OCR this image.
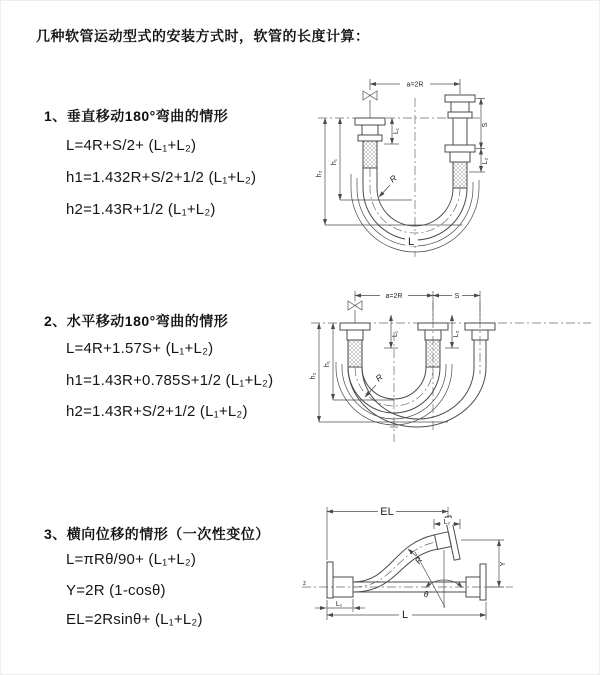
几种软管运动型式的安装方式时，软管的长度计算：
1、垂直移动180°弯曲的情形
L=4R+S/2+ (L₁+L₂)
h1=1.432R+S/2+1/2 (L₁+L₂)
h2=1.43R+1/2 (L₁+L₂)
a=2R
S
L₂
L₁
h₁
h₂	R
L
2、水平移动180°弯曲的情形
L=4R+1.57S+ (L₁+L₂)
h1=1.43R+0.785S+1/2 (L₁+L₂)
h2=1.43R+S/2+1/2 (L₁+L₂)
a=2R	S
L₁	L₂
h₁
h₂	R
3、横向位移的情形（一次性变位）
L=πRθ/90+ (L₁+L₂)
Y=2R (1-cosθ)
EL=2Rsinθ+ (L₁+L₂)
z
EL
L₂
Y
L
L₁
θ
R
